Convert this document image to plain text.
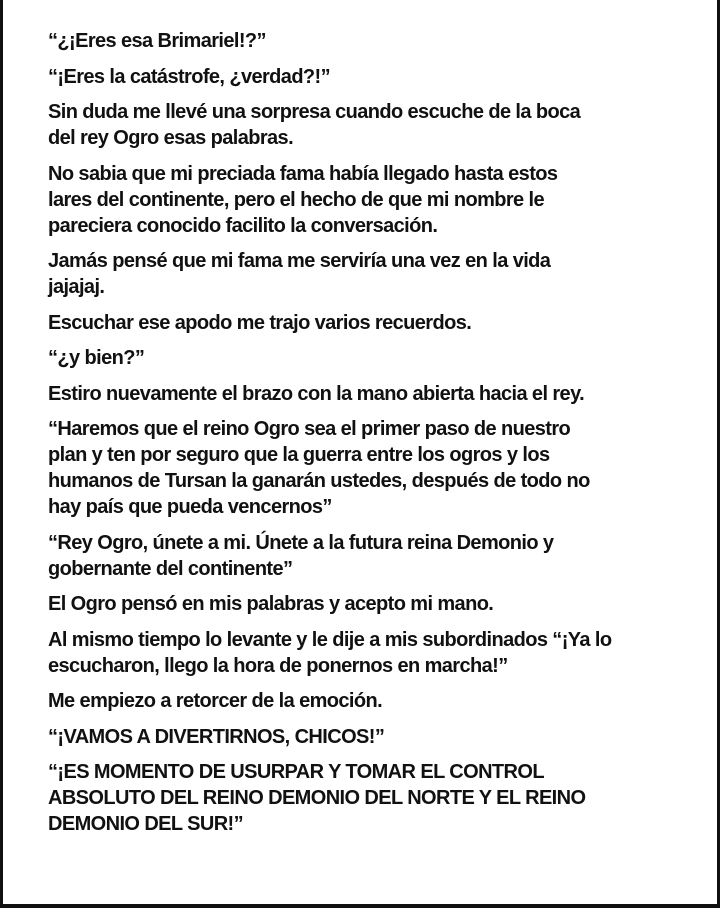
“¿¡Eres esa Brimariel!?”

“¡Eres la catástrofe, ¿verdad?!”

Sin duda me llevé una sorpresa cuando escuche de la boca
del rey Ogro esas palabras.

No sabia que mi preciada fama había llegado hasta estos
lares del continente, pero el hecho de que mi nombre le
pareciera conocido facilito la conversación.

Jamás pensé que mi fama me serviría una vez en la vida
jajajaj.

Escuchar ese apodo me trajo varios recuerdos.

“¿y bien?”

Estiro nuevamente el brazo con la mano abierta hacia el rey.

“Haremos que el reino Ogro sea el primer paso de nuestro
plan y ten por seguro que la guerra entre los ogros y los
humanos de Tursan la ganarán ustedes, después de todo no
hay país que pueda vencernos”

“Rey Ogro, únete a mi. Únete a la futura reina Demonio y
gobernante del continente”

El Ogro pensó en mis palabras y acepto mi mano.

Al mismo tiempo lo levante y le dije a mis subordinados “¡Ya lo
escucharon, llego la hora de ponernos en marcha!”

Me empiezo a retorcer de la emoción.

“¡VAMOS A DIVERTIRNOS, CHICOS!”

“¡ES MOMENTO DE USURPAR Y TOMAR EL CONTROL
ABSOLUTO DEL REINO DEMONIO DEL NORTE Y EL REINO
DEMONIO DEL SUR!”
